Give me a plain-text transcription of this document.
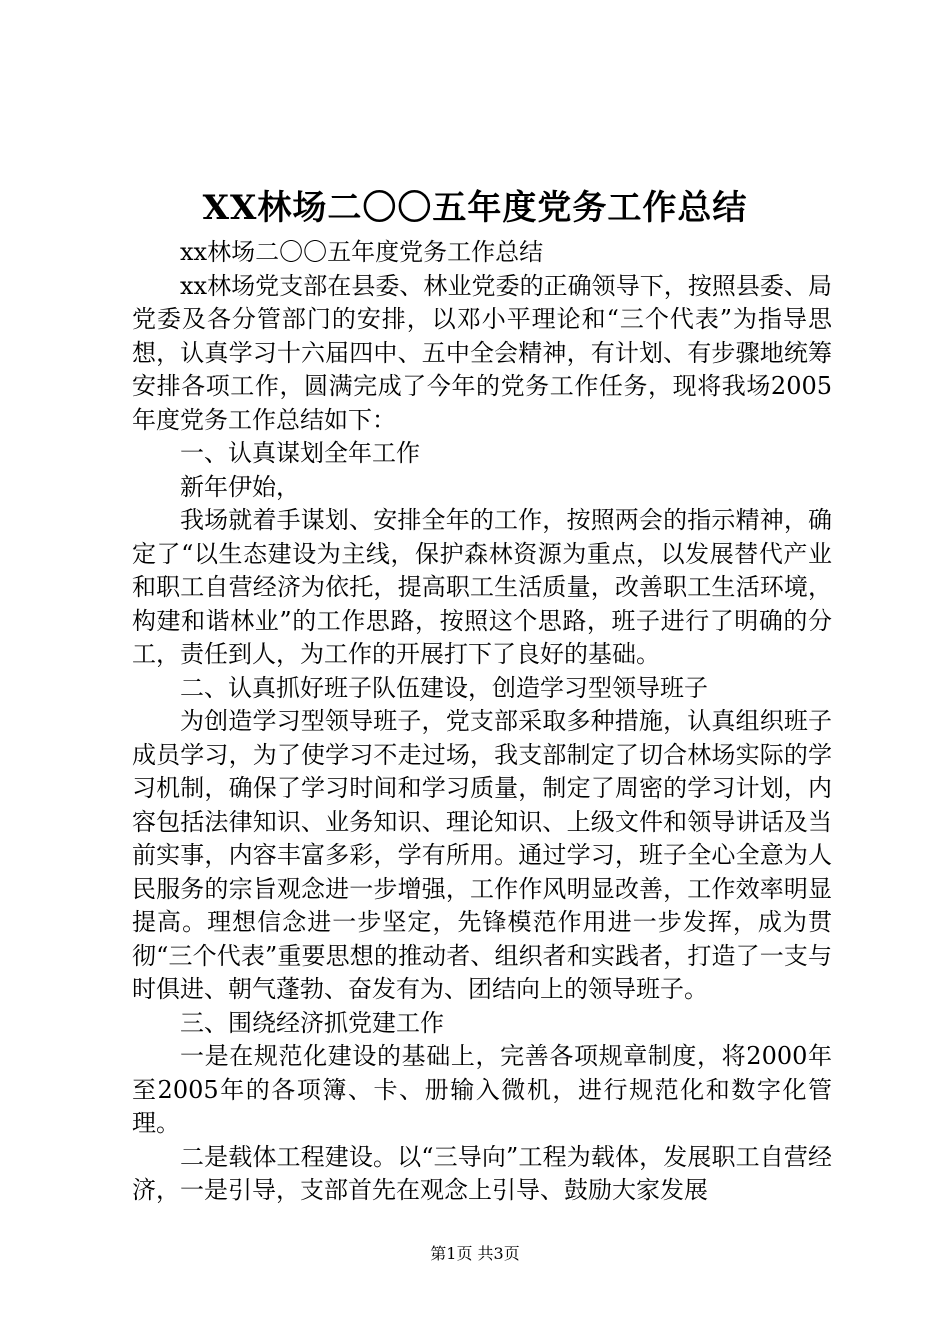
XX林场二〇〇五年度党务工作总结

xx林场二〇〇五年度党务工作总结

xx林场党支部在县委、林业党委的正确领导下，按照县委、局党委及各分管部门的安排，以邓小平理论和“三个代表”为指导思想，认真学习十六届四中、五中全会精神，有计划、有步骤地统筹安排各项工作，圆满完成了今年的党务工作任务，现将我场2005年度党务工作总结如下：

一、认真谋划全年工作

新年伊始，

我场就着手谋划、安排全年的工作，按照两会的指示精神，确定了“以生态建设为主线，保护森林资源为重点，以发展替代产业和职工自营经济为依托，提高职工生活质量，改善职工生活环境，构建和谐林业”的工作思路，按照这个思路，班子进行了明确的分工，责任到人，为工作的开展打下了良好的基础。

二、认真抓好班子队伍建设，创造学习型领导班子

为创造学习型领导班子，党支部采取多种措施，认真组织班子成员学习，为了使学习不走过场，我支部制定了切合林场实际的学习机制，确保了学习时间和学习质量，制定了周密的学习计划，内容包括法律知识、业务知识、理论知识、上级文件和领导讲话及当前实事，内容丰富多彩，学有所用。通过学习，班子全心全意为人民服务的宗旨观念进一步增强，工作作风明显改善，工作效率明显提高。理想信念进一步坚定，先锋模范作用进一步发挥，成为贯彻“三个代表”重要思想的推动者、组织者和实践者，打造了一支与时俱进、朝气蓬勃、奋发有为、团结向上的领导班子。

三、围绕经济抓党建工作

一是在规范化建设的基础上，完善各项规章制度，将2000年至2005年的各项簿、卡、册输入微机，进行规范化和数字化管理。

二是载体工程建设。以“三导向”工程为载体，发展职工自营经济，一是引导，支部首先在观念上引导、鼓励大家发展

第1页 共3页
